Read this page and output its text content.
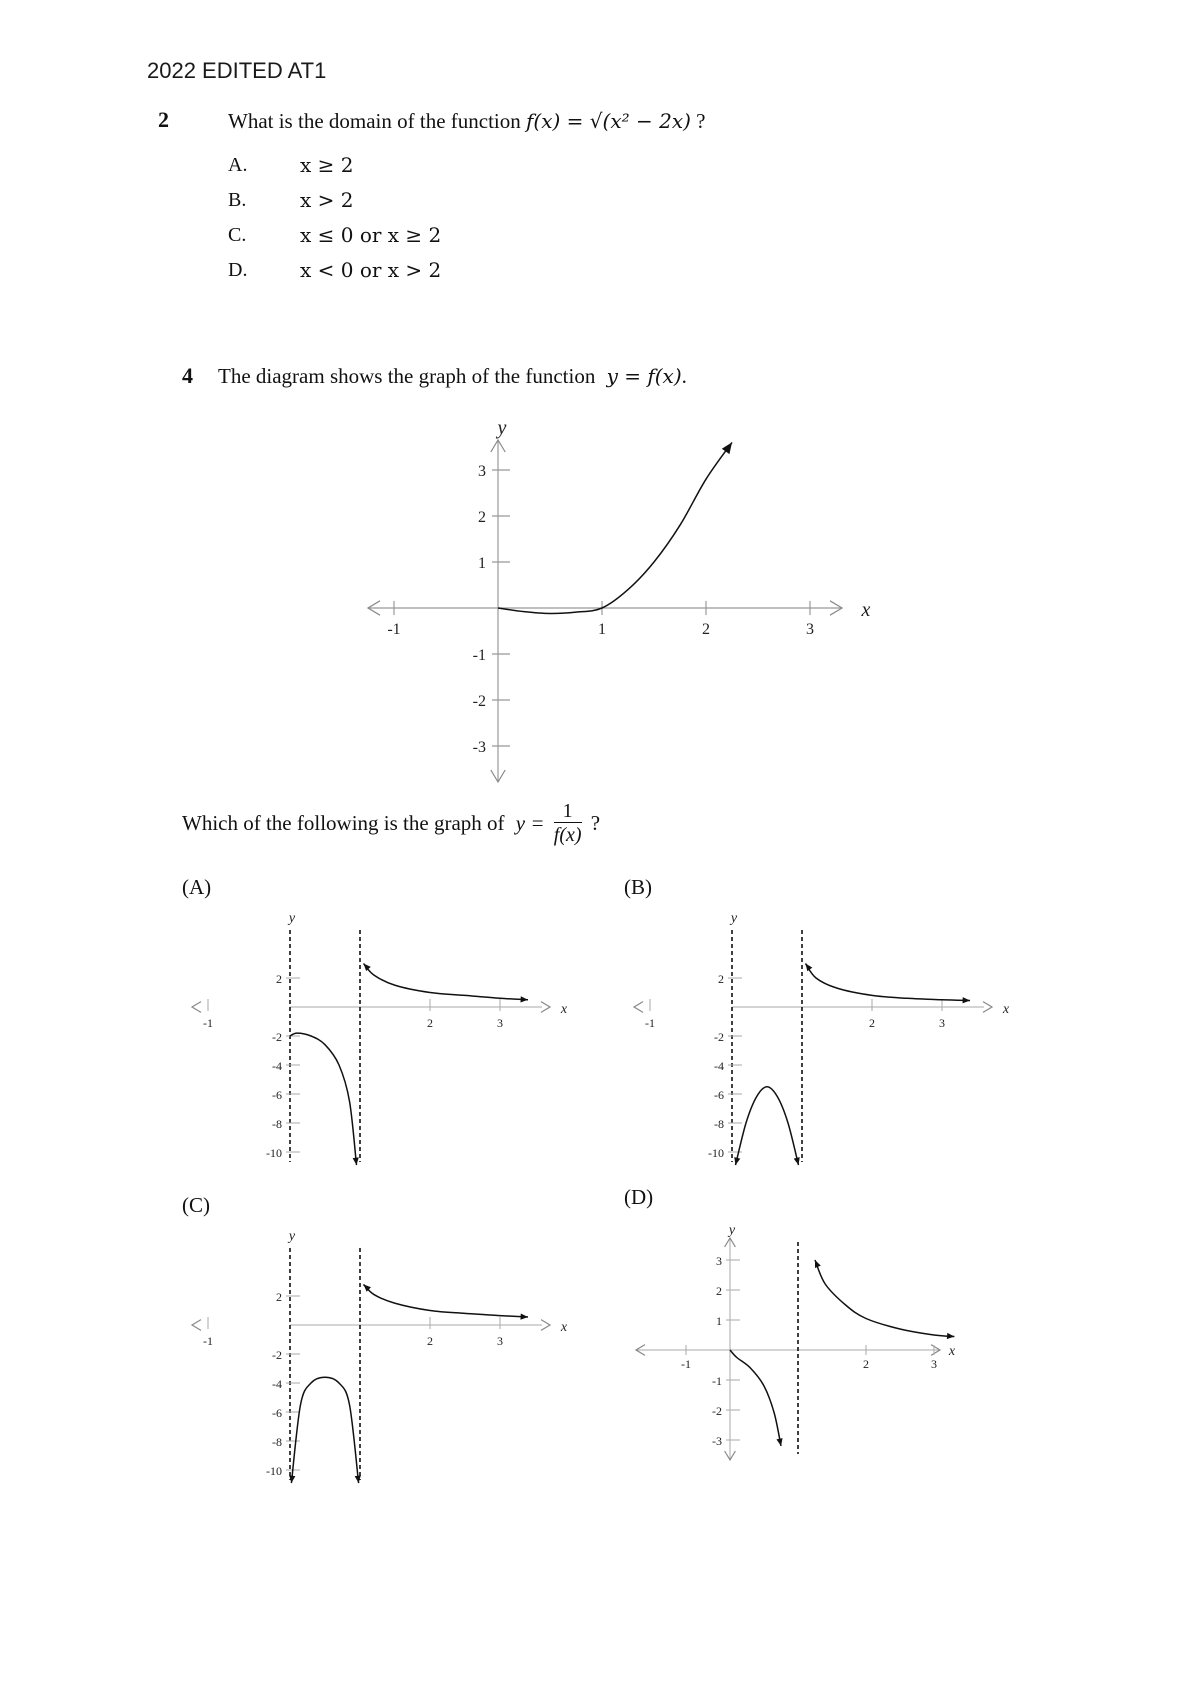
2022 EDITED AT1
2	What is the domain of the function f(x) = √(x² − 2x) ?
A.	x ≥ 2
B.	x > 2
C.	x ≤ 0 or x ≥ 2
D.	x < 0 or x > 2
4 The diagram shows the graph of the function y = f(x).
x
y
-1	1	2	3
3
2
1
-1
-2
-3
Which of the following is the graph of $y = \frac{1}{f(x)}$ ?
(A)	(B)
(C)	(D)
x
y
-1	2	3
2
-2
-4
-6
-8
-10
x
y
-1	2	3
2
-2
-4
-6
-8
-10
x
y
-1	2	3
2
-2
-4
-6
-8
-10
x
y
-1	2	3
3
2
1
-1
-2
-3
